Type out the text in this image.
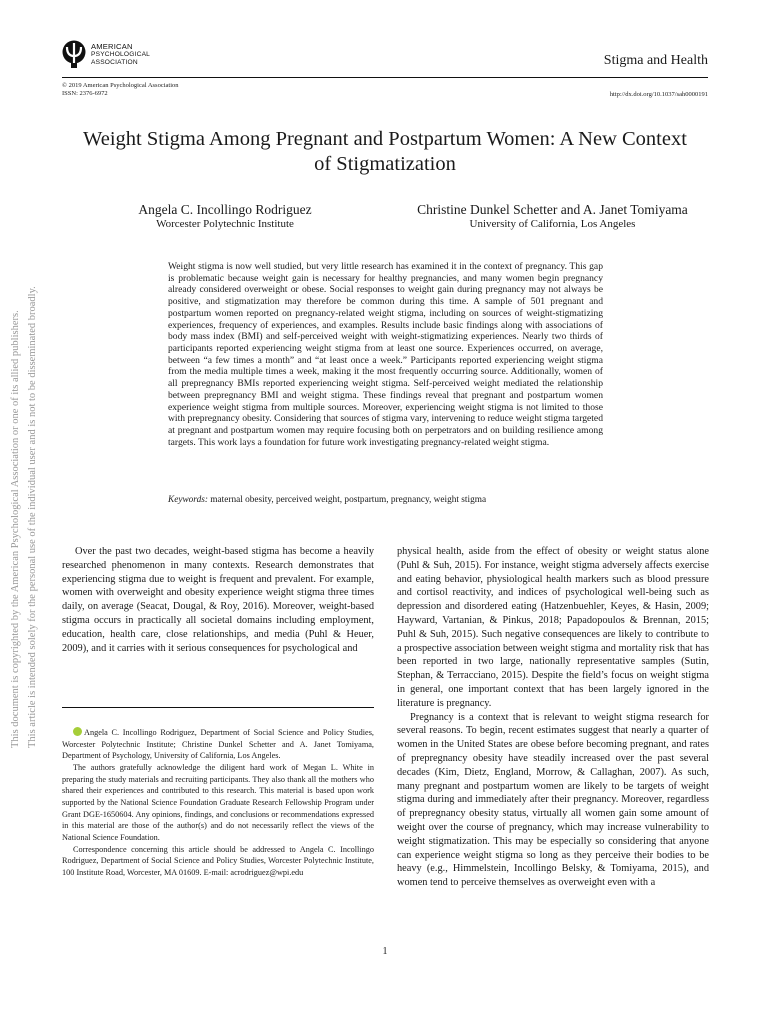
This document is copyrighted by the American Psychological Association or one of its allied publishers. This article is intended solely for the personal use of the individual user and is not to be disseminated broadly.
AMERICAN
PSYCHOLOGICAL
ASSOCIATION	Stigma and Health
© 2019 American Psychological Association
ISSN: 2376-6972	http://dx.doi.org/10.1037/sah0000191
Weight Stigma Among Pregnant and Postpartum Women: A New Context
of Stigmatization
Angela C. Incollingo Rodriguez
Worcester Polytechnic Institute
Christine Dunkel Schetter and A. Janet Tomiyama
University of California, Los Angeles
Weight stigma is now well studied, but very little research has examined it in the context of pregnancy. This gap is problematic because weight gain is necessary for healthy pregnancies, and many women begin pregnancy already considered overweight or obese. Social responses to weight gain during pregnancy may not always be positive, and stigmatization may therefore be common during this time. A sample of 501 pregnant and postpartum women reported on pregnancy-related weight stigma, including on sources of weight-stigmatizing experiences, frequency of experiences, and examples. Results include basic findings along with associations of body mass index (BMI) and self-perceived weight with weight-stigmatizing experiences. Nearly two thirds of participants reported experiencing weight stigma from at least one source. Experiences occurred, on average, between “a few times a month” and “at least once a week.” Participants reported experiencing weight stigma from the media multiple times a week, making it the most frequently occurring source. Additionally, women of all prepregnancy BMIs reported experiencing weight stigma. Self-perceived weight mediated the relationship between prepregnancy BMI and weight stigma. These findings reveal that pregnant and postpartum women experience weight stigma from multiple sources. Moreover, experiencing weight stigma is not limited to those with prepregnancy obesity. Considering that sources of stigma vary, intervening to reduce weight stigma targeted at pregnant and postpartum women may require focusing both on perpetrators and on building resilience among targets. This work lays a foundation for future work investigating pregnancy-related weight stigma.
Keywords: maternal obesity, perceived weight, postpartum, pregnancy, weight stigma

Over the past two decades, weight-based stigma has become a heavily researched phenomenon in many contexts. Research demonstrates that experiencing stigma due to weight is frequent and prevalent. For example, women with overweight and obesity experience weight stigma three times daily, on average (Seacat, Dougal, & Roy, 2016). Moreover, weight-based stigma occurs in practically all societal domains including employment, education, health care, close relationships, and media (Puhl & Heuer, 2009), and it carries with it serious consequences for psychological and

Angela C. Incollingo Rodriguez, Department of Social Science and Policy Studies, Worcester Polytechnic Institute; Christine Dunkel Schetter and A. Janet Tomiyama, Department of Psychology, University of California, Los Angeles.

The authors gratefully acknowledge the diligent hard work of Megan L. White in preparing the study materials and recruiting participants. They also thank all the mothers who shared their experiences and contributed to this research. This material is based upon work supported by the National Science Foundation Graduate Research Fellowship Program under Grant DGE-1650604. Any opinions, findings, and conclusions or recommendations expressed in this material are those of the author(s) and do not necessarily reflect the views of the National Science Foundation.

Correspondence concerning this article should be addressed to Angela C. Incollingo Rodriguez, Department of Social Science and Policy Studies, Worcester Polytechnic Institute, 100 Institute Road, Worcester, MA 01609. E-mail: acrodriguez@wpi.edu

physical health, aside from the effect of obesity or weight status alone (Puhl & Suh, 2015). For instance, weight stigma adversely affects exercise and eating behavior, physiological health markers such as blood pressure and cortisol reactivity, and indices of psychological well-being such as depression and disordered eating (Hatzenbuehler, Keyes, & Hasin, 2009; Hayward, Vartanian, & Pinkus, 2018; Papadopoulos & Brennan, 2015; Puhl & Suh, 2015). Such negative consequences are likely to contribute to a prospective association between weight stigma and mortality risk that has been reported in two large, nationally representative samples (Sutin, Stephan, & Terracciano, 2015). Despite the field’s focus on weight stigma in general, one important context that has been largely ignored in the literature is pregnancy.

Pregnancy is a context that is relevant to weight stigma research for several reasons. To begin, recent estimates suggest that nearly a quarter of women in the United States are obese before becoming pregnant, and rates of prepregnancy obesity have steadily increased over the past several decades (Kim, Dietz, England, Morrow, & Callaghan, 2007). As such, many pregnant and postpartum women are likely to be targets of weight stigma during and immediately after their pregnancy. Moreover, regardless of prepregnancy obesity status, virtually all women gain some amount of weight over the course of pregnancy, which may increase vulnerability to weight stigmatization. This may be especially so considering that anyone can experience weight stigma so long as they perceive their bodies to be heavy (e.g., Himmelstein, Incollingo Belsky, & Tomiyama, 2015), and women tend to perceive themselves as overweight even with a

1
